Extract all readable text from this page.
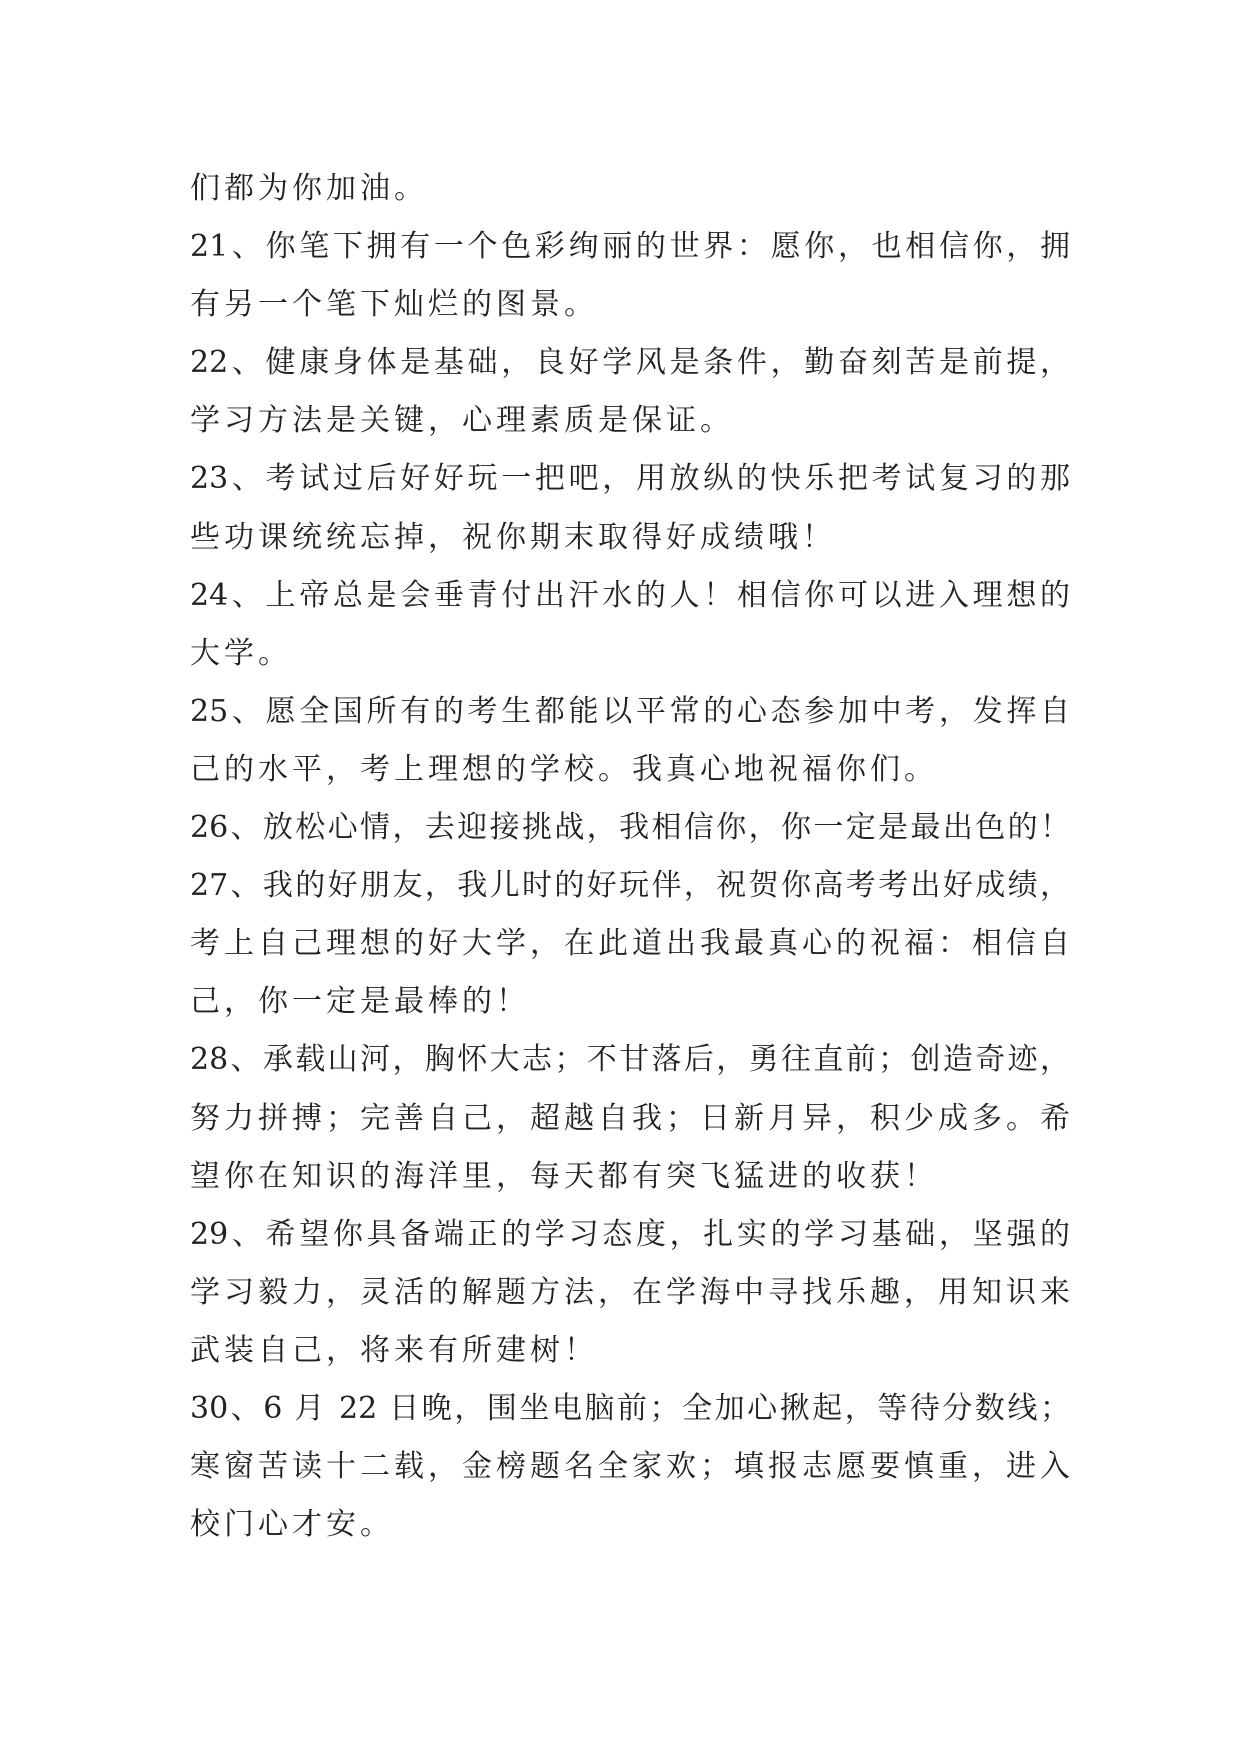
们都为你加油。
21、你笔下拥有一个色彩绚丽的世界：愿你，也相信你，拥
有另一个笔下灿烂的图景。
22、健康身体是基础，良好学风是条件，勤奋刻苦是前提，
学习方法是关键，心理素质是保证。
23、考试过后好好玩一把吧，用放纵的快乐把考试复习的那
些功课统统忘掉，祝你期末取得好成绩哦！
24、上帝总是会垂青付出汗水的人！相信你可以进入理想的
大学。
25、愿全国所有的考生都能以平常的心态参加中考，发挥自
己的水平，考上理想的学校。我真心地祝福你们。
26、放松心情，去迎接挑战，我相信你，你一定是最出色的！
27、我的好朋友，我儿时的好玩伴，祝贺你高考考出好成绩，
考上自己理想的好大学，在此道出我最真心的祝福：相信自
己，你一定是最棒的！
28、承载山河，胸怀大志；不甘落后，勇往直前；创造奇迹，
努力拼搏；完善自己，超越自我；日新月异，积少成多。希
望你在知识的海洋里，每天都有突飞猛进的收获！
29、希望你具备端正的学习态度，扎实的学习基础，坚强的
学习毅力，灵活的解题方法，在学海中寻找乐趣，用知识来
武装自己，将来有所建树！
30、6 月 22 日晚，围坐电脑前；全加心揪起，等待分数线；
寒窗苦读十二载，金榜题名全家欢；填报志愿要慎重，进入
校门心才安。
